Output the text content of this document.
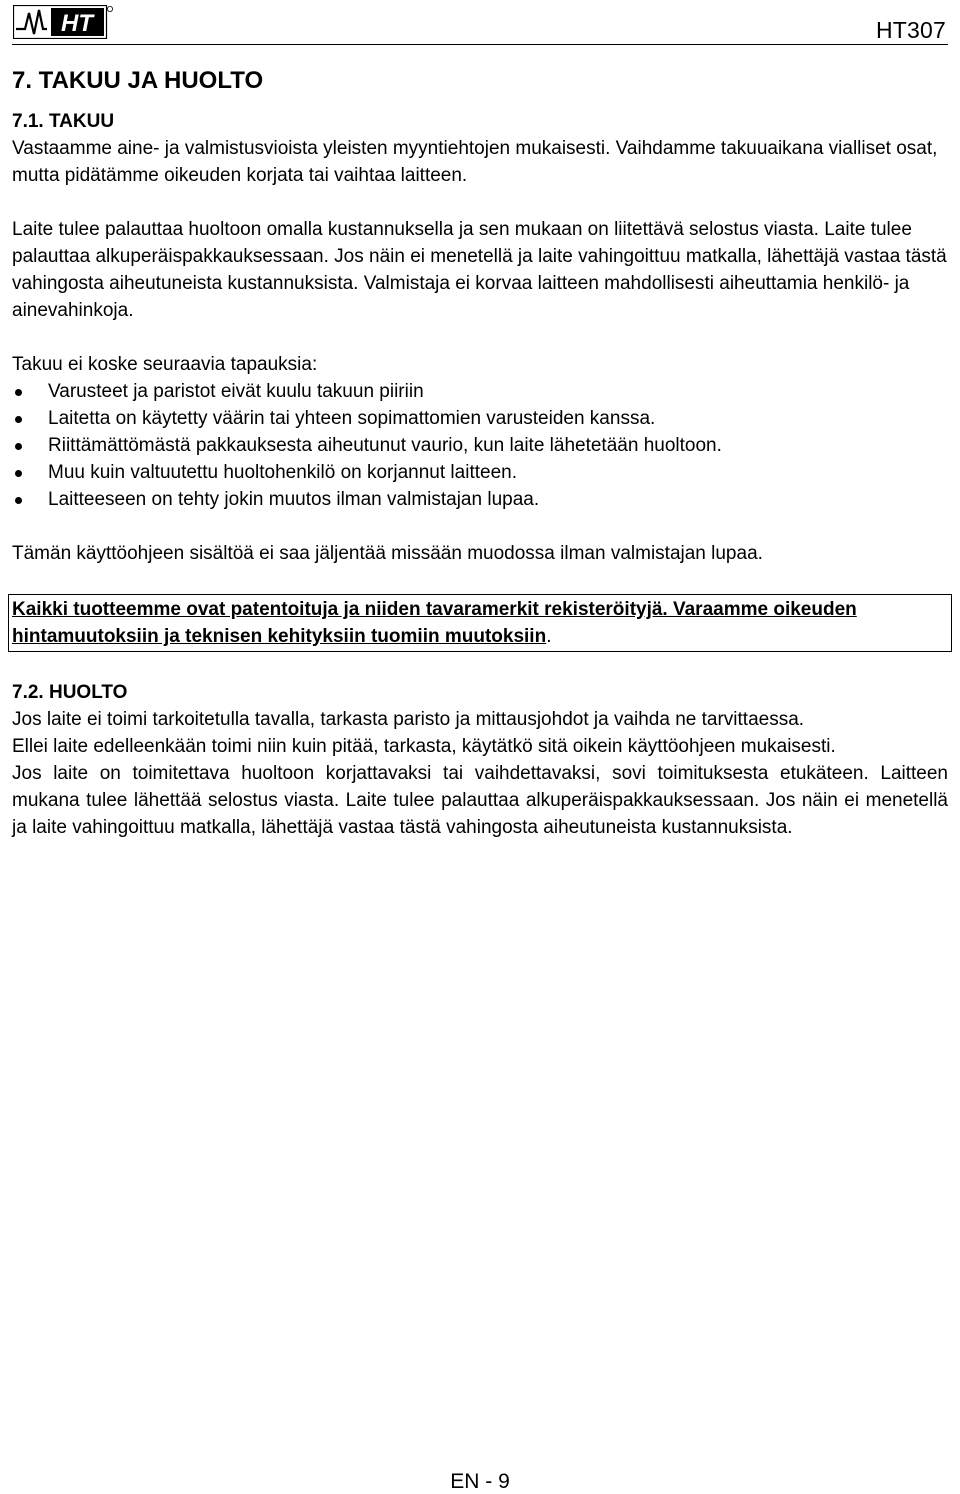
HT	HT307
7. TAKUU JA HUOLTO
7.1. TAKUU

Vastaamme aine- ja valmistusvioista yleisten myyntiehtojen mukaisesti. Vaihdamme takuuaikana vialliset osat, mutta pidätämme oikeuden korjata tai vaihtaa laitteen.

Laite tulee palauttaa huoltoon omalla kustannuksella ja sen mukaan on liitettävä selostus viasta. Laite tulee palauttaa alkuperäispakkauksessaan. Jos näin ei menetellä ja laite vahingoittuu matkalla, lähettäjä vastaa tästä vahingosta aiheutuneista kustannuksista. Valmistaja ei korvaa laitteen mahdollisesti aiheuttamia henkilö- ja ainevahinkoja.

Takuu ei koske seuraavia tapauksia:

Varusteet ja paristot eivät kuulu takuun piiriin
Laitetta on käytetty väärin tai yhteen sopimattomien varusteiden kanssa.
Riittämättömästä pakkauksesta aiheutunut vaurio, kun laite lähetetään huoltoon.
Muu kuin valtuutettu huoltohenkilö on korjannut laitteen.
Laitteeseen on tehty jokin muutos ilman valmistajan lupaa.

Tämän käyttöohjeen sisältöä ei saa jäljentää missään muodossa ilman valmistajan lupaa.

Kaikki tuotteemme ovat patentoituja ja niiden tavaramerkit rekisteröityjä. Varaamme oikeuden hintamuutoksiin ja teknisen kehityksiin tuomiin muutoksiin.

7.2. HUOLTO

Jos laite ei toimi tarkoitetulla tavalla, tarkasta paristo ja mittausjohdot ja vaihda ne tarvittaessa.

Ellei laite edelleenkään toimi niin kuin pitää, tarkasta, käytätkö sitä oikein käyttöohjeen mukaisesti.

Jos laite on toimitettava huoltoon korjattavaksi tai vaihdettavaksi, sovi toimituksesta etukäteen. Laitteen mukana tulee lähettää selostus viasta. Laite tulee palauttaa alkuperäispakkauksessaan. Jos näin ei menetellä ja laite vahingoittuu matkalla, lähettäjä vastaa tästä vahingosta aiheutuneista kustannuksista.

EN - 9
